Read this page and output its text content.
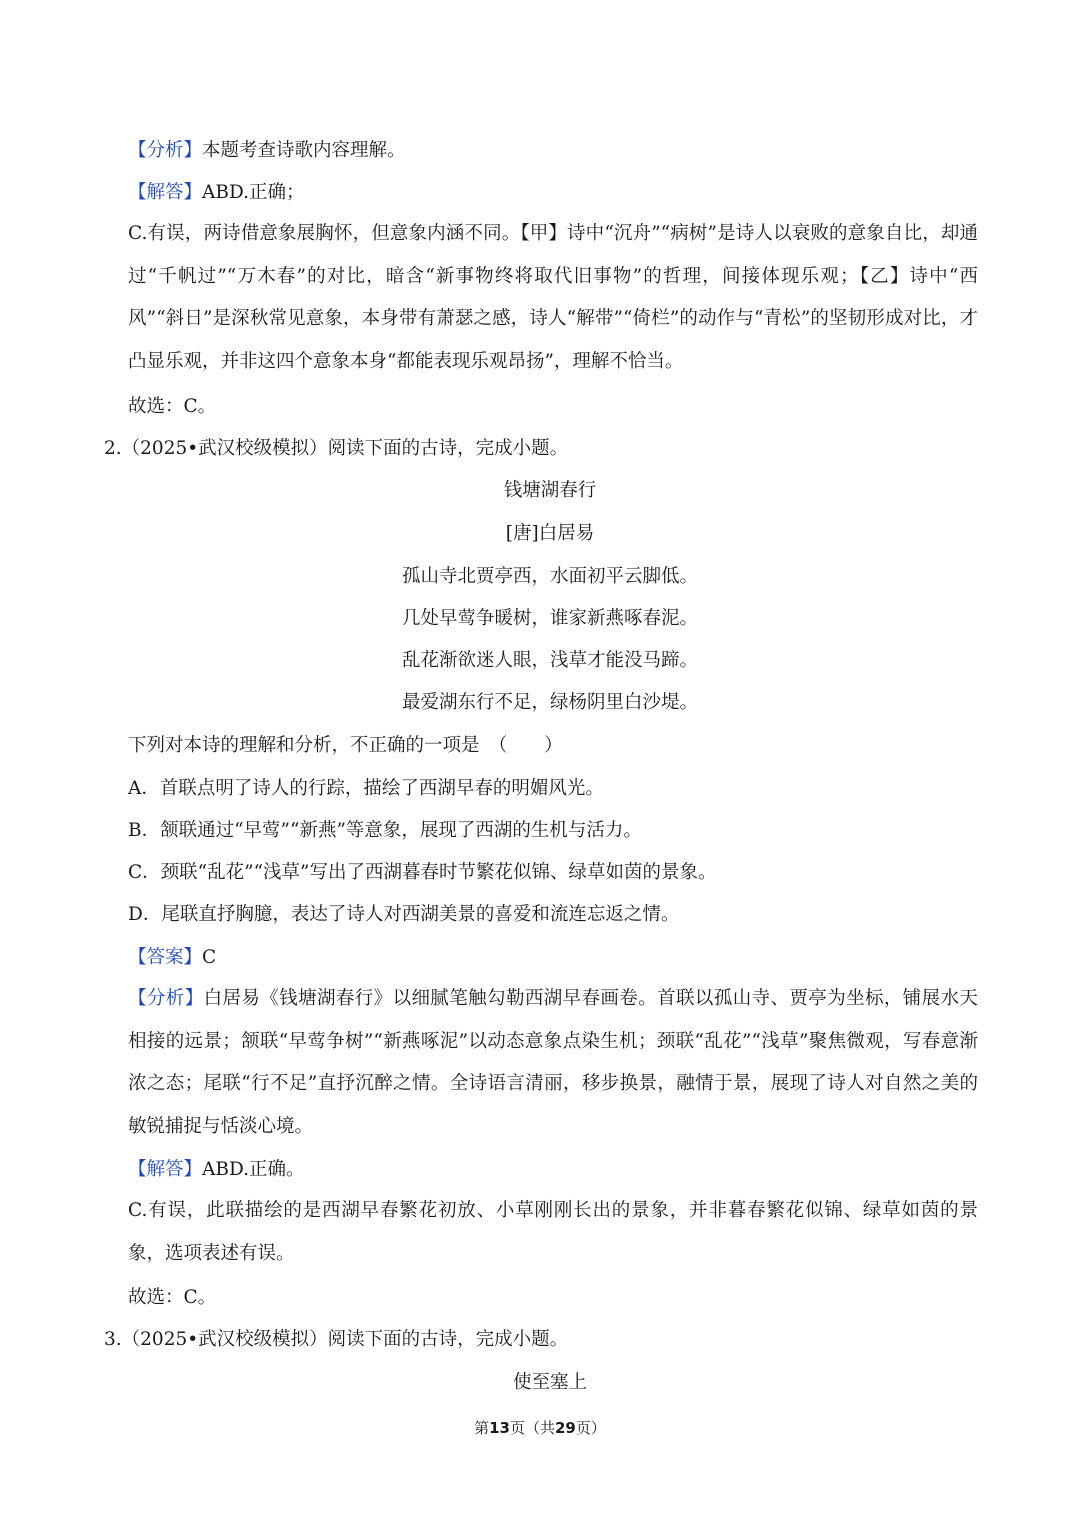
【分析】本题考查诗歌内容理解。
【解答】ABD.正确；
C.有误，两诗借意象展胸怀，但意象内涵不同。【甲】诗中“沉舟”“病树”是诗人以衰败的意象自比，却通过“千帆过”“万木春”的对比，暗含“新事物终将取代旧事物”的哲理，间接体现乐观；【乙】诗中“西风”“斜日”是深秋常见意象，本身带有萧瑟之感，诗人“解带”“倚栏”的动作与“青松”的坚韧形成对比，才凸显乐观，并非这四个意象本身“都能表现乐观昂扬”，理解不恰当。
故选：C。
2.（2025•武汉校级模拟）阅读下面的古诗，完成小题。
钱塘湖春行
[唐]白居易
孤山寺北贾亭西，水面初平云脚低。
几处早莺争暖树，谁家新燕啄春泥。
乱花渐欲迷人眼，浅草才能没马蹄。
最爱湖东行不足，绿杨阴里白沙堤。
下列对本诗的理解和分析，不正确的一项是　（　　）
A．首联点明了诗人的行踪，描绘了西湖早春的明媚风光。
B．颔联通过“早莺”“新燕”等意象，展现了西湖的生机与活力。
C．颈联“乱花”“浅草”写出了西湖暮春时节繁花似锦、绿草如茵的景象。
D．尾联直抒胸臆，表达了诗人对西湖美景的喜爱和流连忘返之情。
【答案】C
【分析】白居易《钱塘湖春行》以细腻笔触勾勒西湖早春画卷。首联以孤山寺、贾亭为坐标，铺展水天相接的远景；颔联“早莺争树”“新燕啄泥”以动态意象点染生机；颈联“乱花”“浅草”聚焦微观，写春意渐浓之态；尾联“行不足”直抒沉醉之情。全诗语言清丽，移步换景，融情于景，展现了诗人对自然之美的敏锐捕捉与恬淡心境。
【解答】ABD.正确。
C.有误，此联描绘的是西湖早春繁花初放、小草刚刚长出的景象，并非暮春繁花似锦、绿草如茵的景象，选项表述有误。
故选：C。
3.（2025•武汉校级模拟）阅读下面的古诗，完成小题。
使至塞上
第13页（共29页）
